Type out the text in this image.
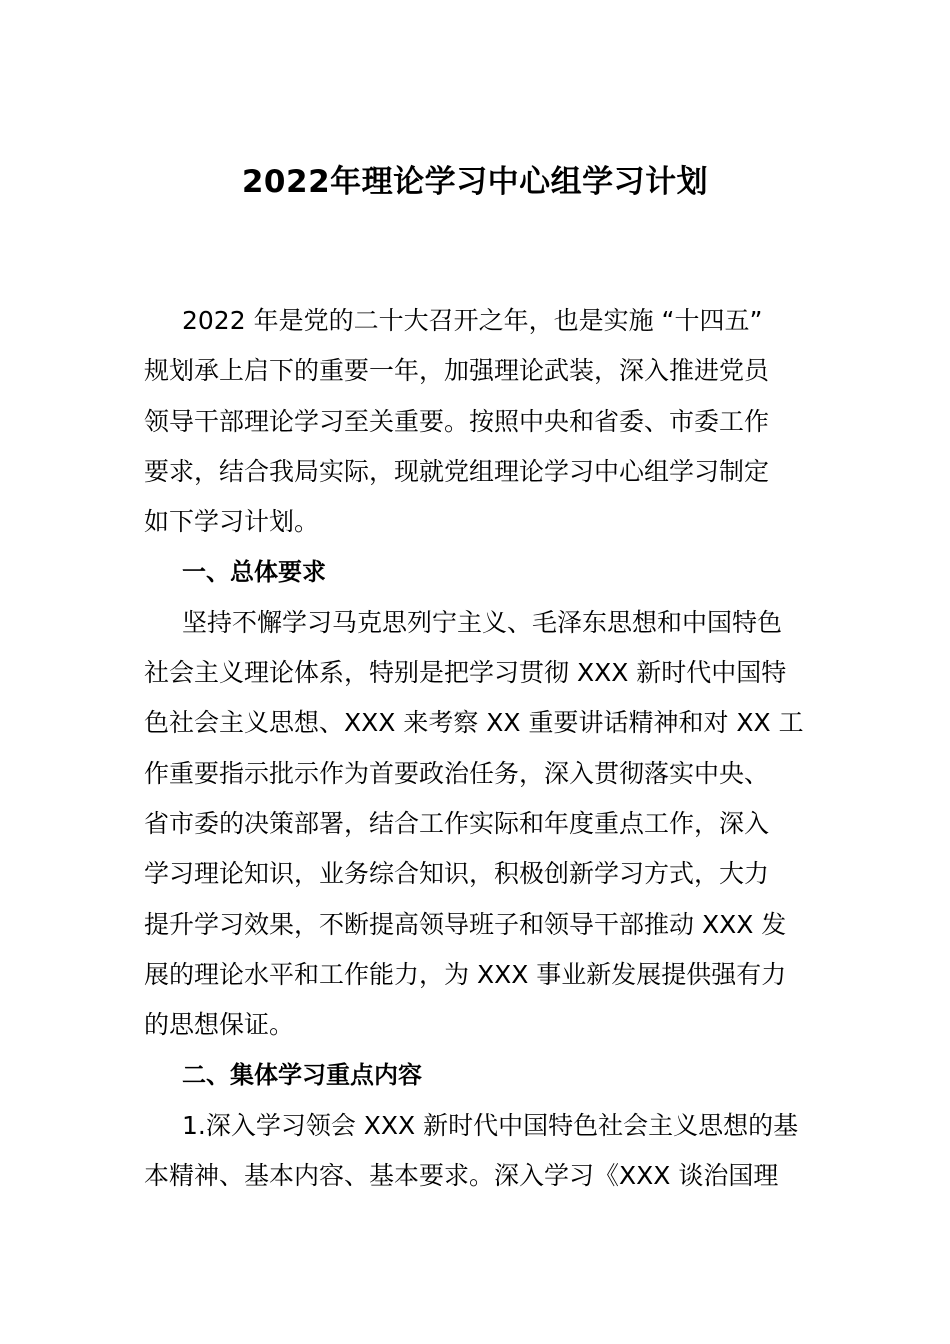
2022年理论学习中心组学习计划
2022 年是党的二十大召开之年，也是实施 “十四五”
规划承上启下的重要一年，加强理论武装，深入推进党员
领导干部理论学习至关重要。按照中央和省委、市委工作
要求，结合我局实际，现就党组理论学习中心组学习制定
如下学习计划。
一、总体要求
坚持不懈学习马克思列宁主义、毛泽东思想和中国特色
社会主义理论体系，特别是把学习贯彻 XXX 新时代中国特
色社会主义思想、XXX 来考察 XX 重要讲话精神和对 XX 工
作重要指示批示作为首要政治任务，深入贯彻落实中央、
省市委的决策部署，结合工作实际和年度重点工作，深入
学习理论知识，业务综合知识，积极创新学习方式，大力
提升学习效果，不断提高领导班子和领导干部推动 XXX 发
展的理论水平和工作能力，为 XXX 事业新发展提供强有力
的思想保证。
二、集体学习重点内容
1.深入学习领会 XXX 新时代中国特色社会主义思想的基
本精神、基本内容、基本要求。深入学习《XXX 谈治国理
